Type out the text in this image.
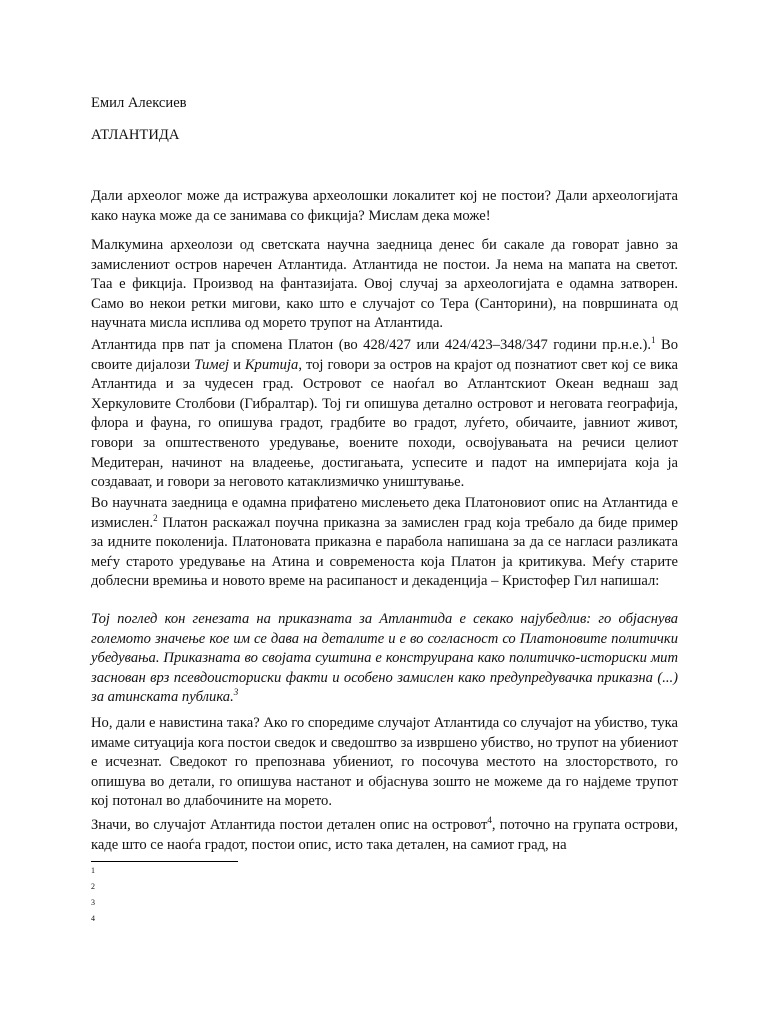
Емил Алексиев
АТЛАНТИДА
Дали археолог може да истражува археолошки локалитет кој не постои? Дали археологијата како наука може да се занимава со фикција? Мислам дека може!
Малкумина археолози од светската научна заедница денес би сакале да говорат јавно за замислениот остров наречен Атлантида. Атлантида не постои. Ја нема на мапата на светот. Таа е фикција. Производ на фантазијата. Овој случај за археологијата е одамна затворен. Само во некои ретки мигови, како што е случајот со Тера (Санторини), на површината од научната мисла исплива од морето трупот на Атлантида.
Атлантида прв пат ја спомена Платон (во 428/427 или 424/423–348/347 години пр.н.е.).$^1$ Во своите дијалози Тимеј и Критија, тој говори за остров на крајот од познатиот свет кој се вика Атлантида и за чудесен град. Островот се наоѓал во Атлантскиот Океан веднаш зад Херкуловите Столбови (Гибралтар). Тој ги опишува детално островот и неговата географија, флора и фауна, го опишува градот, градбите во градот, луѓето, обичаите, јавниот живот, говори за општественото уредување, воените походи, освојувањата на речиси целиот Медитеран, начинот на владеење, достигањата, успесите и падот на империјата која ја создаваат, и говори за неговото катаклизмичко уништување.
Во научната заедница е одамна прифатено мислењето дека Платоновиот опис на Атлантида е измислен.$^2$ Платон раскажал поучна приказна за замислен град која требало да биде пример за идните поколенија. Платоновата приказна е парабола напишана за да се нагласи разликата меѓу старото уредување на Атина и современоста која Платон ја критикува. Меѓу старите доблесни времиња и новото време на расипаност и декаденција – Кристофер Гил напишал:
Тој поглед кон генезата на приказната за Атлантида е секако најубедлив: го објаснува големото значење кое им се дава на деталите и е во согласност со Платоновите политички убедувања. Приказната во својата суштина е конструирана како политичко-историски мит заснован врз псевдоисториски факти и особено замислен како предупредувачка приказна (...) за атинската публика.$^3$
Но, дали е навистина така? Ако го споредиме случајот Атлантида со случајот на убиство, тука имаме ситуација кога постои сведок и сведоштво за извршено убиство, но трупот на убиениот е исчезнат. Сведокот го препознава убиениот, го посочува местото на злосторството, го опишува во детали, го опишува настанот и објаснува зошто не можеме да го најдеме трупот кој потонал во длабочините на морето.
Значи, во случајот Атлантида постои детален опис на островот$^4$, поточно на групата острови, каде што се наоѓа градот, постои опис, исто така детален, на самиот град, на
1
2
3
4
